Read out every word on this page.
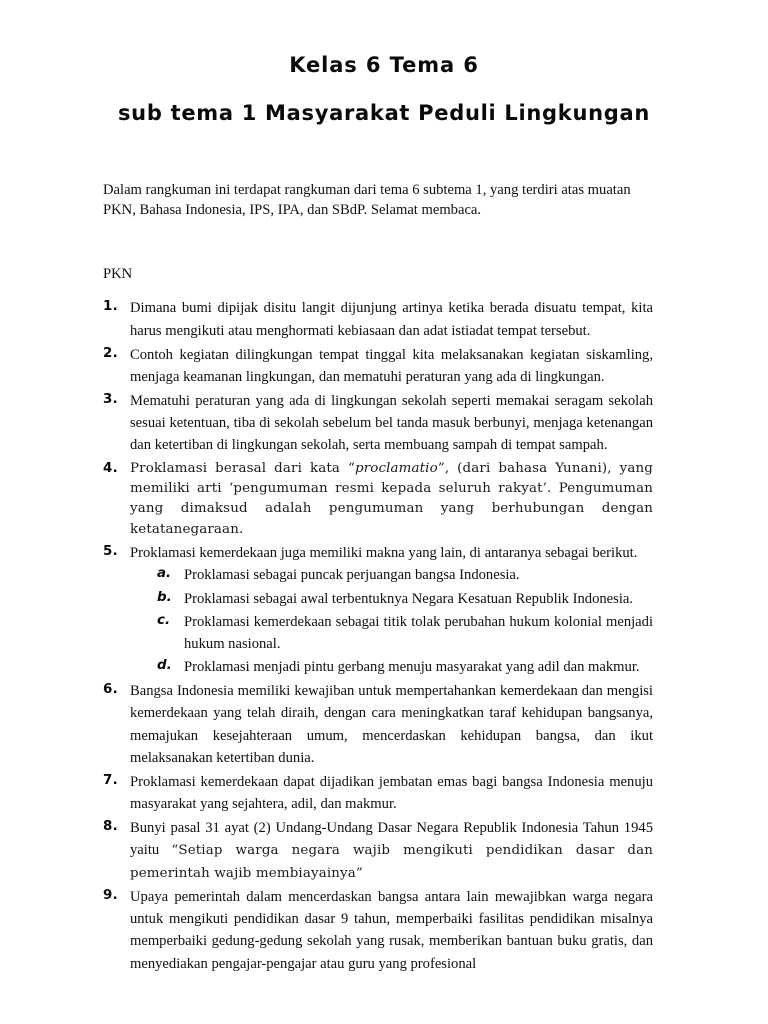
Kelas 6 Tema 6
sub tema 1 Masyarakat Peduli Lingkungan

Dalam rangkuman ini terdapat rangkuman dari tema 6 subtema 1, yang terdiri atas muatan PKN, Bahasa Indonesia, IPS, IPA, dan SBdP. Selamat membaca.

PKN
1. Dimana bumi dipijak disitu langit dijunjung artinya ketika berada disuatu tempat, kita harus mengikuti atau menghormati kebiasaan dan adat istiadat tempat tersebut.
2. Contoh kegiatan dilingkungan tempat tinggal kita melaksanakan kegiatan siskamling, menjaga keamanan lingkungan, dan mematuhi peraturan yang ada di lingkungan.
3. Mematuhi peraturan yang ada di lingkungan sekolah seperti memakai seragam sekolah sesuai ketentuan, tiba di sekolah sebelum bel tanda masuk berbunyi, menjaga ketenangan dan ketertiban di lingkungan sekolah, serta membuang sampah di tempat sampah.
4. Proklamasi berasal dari kata “proclamatio”, (dari bahasa Yunani), yang memiliki arti ‘pengumuman resmi kepada seluruh rakyat’. Pengumuman yang dimaksud adalah pengumuman yang berhubungan dengan ketatanegaraan.
5. Proklamasi kemerdekaan juga memiliki makna yang lain, di antaranya sebagai berikut.
a. Proklamasi sebagai puncak perjuangan bangsa Indonesia.
b. Proklamasi sebagai awal terbentuknya Negara Kesatuan Republik Indonesia.
c. Proklamasi kemerdekaan sebagai titik tolak perubahan hukum kolonial menjadi hukum nasional.
d. Proklamasi menjadi pintu gerbang menuju masyarakat yang adil dan makmur.
6. Bangsa Indonesia memiliki kewajiban untuk mempertahankan kemerdekaan dan mengisi kemerdekaan yang telah diraih, dengan cara meningkatkan taraf kehidupan bangsanya, memajukan kesejahteraan umum, mencerdaskan kehidupan bangsa, dan ikut melaksanakan ketertiban dunia.
7. Proklamasi kemerdekaan dapat dijadikan jembatan emas bagi bangsa Indonesia menuju masyarakat yang sejahtera, adil, dan makmur.
8. Bunyi pasal 31 ayat (2) Undang-Undang Dasar Negara Republik Indonesia Tahun 1945 yaitu “Setiap warga negara wajib mengikuti pendidikan dasar dan pemerintah wajib membiayainya”
9. Upaya pemerintah dalam mencerdaskan bangsa antara lain mewajibkan warga negara untuk mengikuti pendidikan dasar 9 tahun, memperbaiki fasilitas pendidikan misalnya memperbaiki gedung-gedung sekolah yang rusak, memberikan bantuan buku gratis, dan menyediakan pengajar-pengajar atau guru yang profesional
